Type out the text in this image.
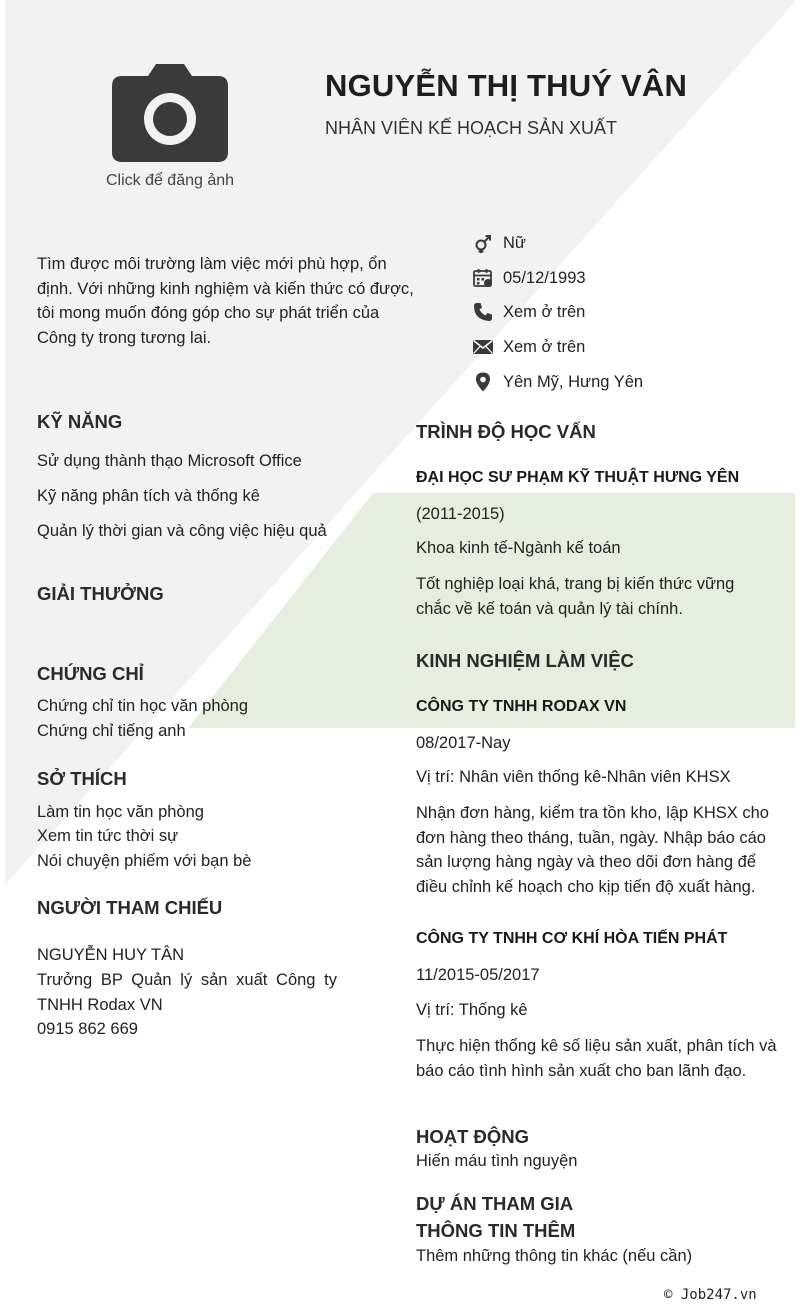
Click để đăng ảnh
NGUYỄN THỊ THUÝ VÂN
NHÂN VIÊN KẾ HOẠCH SẢN XUẤT
Tìm được môi trường làm việc mới phù hợp, ổn định. Với những kinh nghiệm và kiến thức có được, tôi mong muốn đóng góp cho sự phát triển của Công ty trong tương lai.
Nữ
05/12/1993
Xem ở trên
Xem ở trên
Yên Mỹ, Hưng Yên
KỸ NĂNG
Sử dụng thành thạo Microsoft Office
Kỹ năng phân tích và thống kê
Quản lý thời gian và công việc hiệu quả
GIẢI THƯỞNG
CHỨNG CHỈ
Chứng chỉ tin học văn phòng
Chứng chỉ tiếng anh
SỞ THÍCH
Làm tin học văn phòng
Xem tin tức thời sự
Nói chuyện phiếm với bạn bè
NGƯỜI THAM CHIẾU
NGUYỄN HUY TÂN
Trưởng BP Quản lý sản xuất Công ty
TNHH Rodax VN
0915 862 669
TRÌNH ĐỘ HỌC VẤN
ĐẠI HỌC SƯ PHẠM KỸ THUẬT HƯNG YÊN
(2011-2015)
Khoa kinh tế-Ngành kế toán
Tốt nghiệp loại khá, trang bị kiến thức vững chắc về kế toán và quản lý tài chính.
KINH NGHIỆM LÀM VIỆC
CÔNG TY TNHH RODAX VN
08/2017-Nay
Vị trí: Nhân viên thống kê-Nhân viên KHSX
Nhận đơn hàng, kiểm tra tồn kho, lập KHSX cho đơn hàng theo tháng, tuần, ngày. Nhập báo cáo sản lượng hàng ngày và theo dõi đơn hàng để điều chỉnh kế hoạch cho kịp tiến độ xuất hàng.
CÔNG TY TNHH CƠ KHÍ HÒA TIẾN PHÁT
11/2015-05/2017
Vị trí: Thống kê
Thực hiện thống kê số liệu sản xuất, phân tích và báo cáo tình hình sản xuất cho ban lãnh đạo.
HOẠT ĐỘNG
Hiến máu tình nguyện
DỰ ÁN THAM GIA
THÔNG TIN THÊM
Thêm những thông tin khác (nếu cần)
© Job247.vn
